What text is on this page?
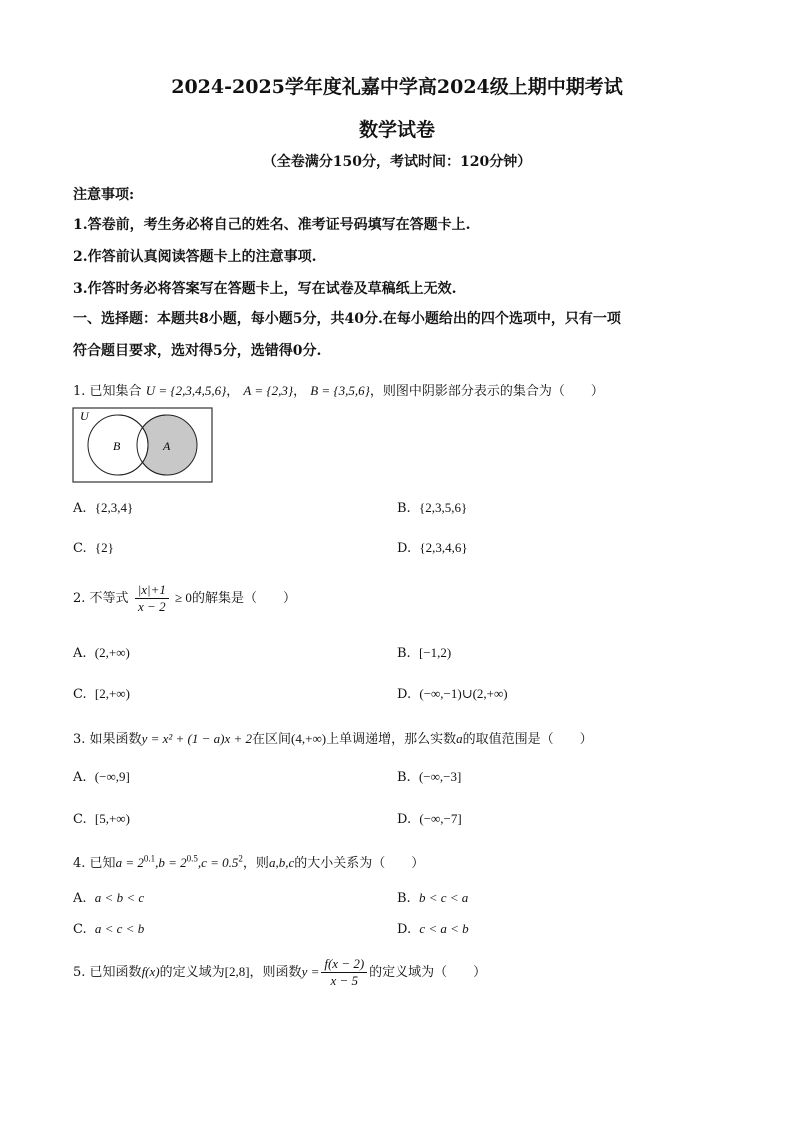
2024-2025学年度礼嘉中学高2024级上期中期考试
数学试卷
（全卷满分150分，考试时间：120分钟）
注意事项:
1.答卷前，考生务必将自己的姓名、准考证号码填写在答题卡上.
2.作答前认真阅读答题卡上的注意事项.
3.作答时务必将答案写在答题卡上，写在试卷及草稿纸上无效.
一、选择题：本题共8小题，每小题5分，共40分.在每小题给出的四个选项中，只有一项
符合题目要求，选对得5分，选错得0分.
1. 已知集合 U = {2,3,4,5,6}， A = {2,3}， B = {3,5,6}，则图中阴影部分表示的集合为（　　）
U
B	A
A. {2,3,4}	B. {2,3,5,6}
C. {2}	D. {2,3,4,6}
2. 不等式 $\frac{|x|+1}{x - 2} \ge 0$的解集是（　　）
A. (2,+∞)	B. [−1,2)
C. [2,+∞)	D. (−∞,−1)∪(2,+∞)
3. 如果函数y = x² + (1 − a)x + 2在区间(4,+∞)上单调递增，那么实数a的取值范围是（　　）
A. (−∞,9]	B. (−∞,−3]
C. [5,+∞)	D. (−∞,−7]
4. 已知$a = 2^{0.1},b = 2^{0.5},c = 0.5^2$，则a,b,c的大小关系为（　　）
A. a < b < c	B. b < c < a
C. a < c < b	D. c < a < b
5. 已知函数f(x)的定义域为[2,8]，则函数$y = \frac{f(x - 2)}{x - 5}$ 的定义域为（　　）
